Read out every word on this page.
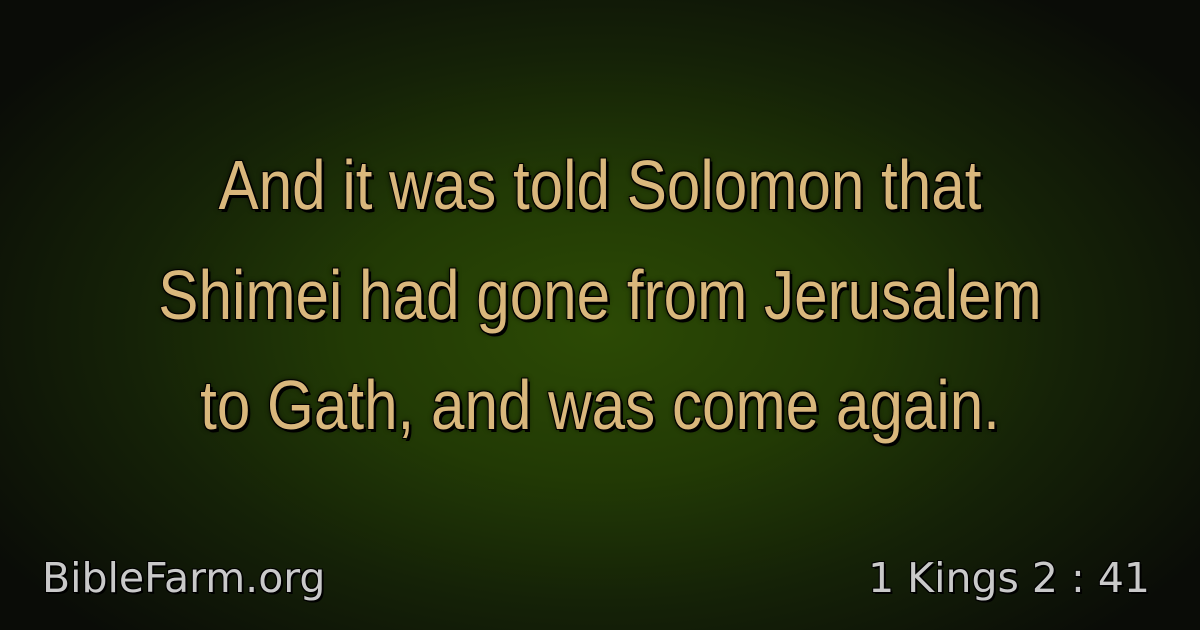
And it was told Solomon that
Shimei had gone from Jerusalem
to Gath, and was come again.
BibleFarm.org	1 Kings 2 : 41
